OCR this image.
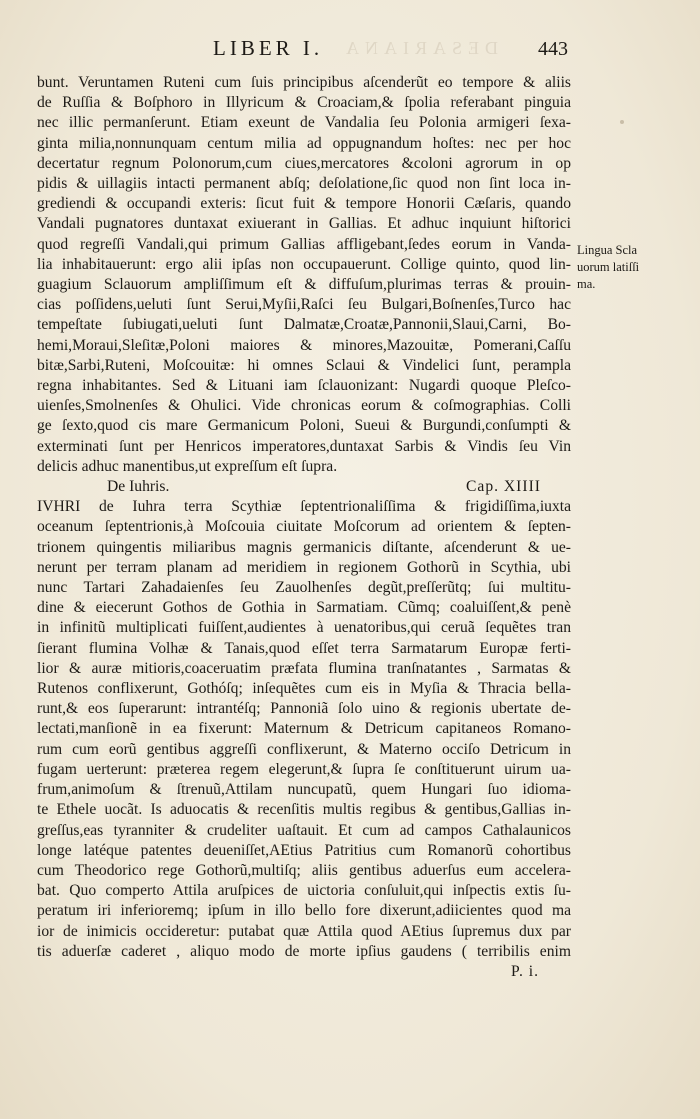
DESARIANA
LIBER I.	443
bunt. Veruntamen Ruteni cum ſuis principibus aſcenderũt eo tempore & aliis
de Ruſſia & Boſphoro in Illyricum & Croaciam,& ſpolia referabant pinguia
nec illic permanſerunt. Etiam exeunt de Vandalia ſeu Polonia armigeri ſexa-
ginta milia,nonnunquam centum milia ad oppugnandum hoſtes: nec per hoc
decertatur regnum Polonorum,cum ciues,mercatores &coloni agrorum in op
pidis & uillagiis intacti permanent abſq; deſolatione,ſic quod non ſint loca in-
grediendi & occupandi exteris: ſicut fuit & tempore Honorii Cæſaris, quando
Vandali pugnatores duntaxat exiuerant in Gallias. Et adhuc inquiunt hiſtorici
quod regreſſi Vandali,qui primum Gallias affligebant,ſedes eorum in Vanda-
lia inhabitauerunt: ergo alii ipſas non occupauerunt. Collige quinto, quod lin-
guagium Sclauorum ampliſſimum eſt & diffuſum,plurimas terras & prouin-
cias poſſidens,ueluti ſunt Serui,Myſii,Raſci ſeu Bulgari,Boſnenſes,Turco hac
tempeſtate ſubiugati,ueluti ſunt Dalmatæ,Croatæ,Pannonii,Slaui,Carni, Bo-
hemi,Moraui,Sleſitæ,Poloni maiores & minores,Mazouitæ, Pomerani,Caſſu
bitæ,Sarbi,Ruteni, Moſcouitæ: hi omnes Sclaui & Vindelici ſunt, perampla
regna inhabitantes. Sed & Lituani iam ſclauonizant: Nugardi quoque Pleſco-
uienſes,Smolnenſes & Ohulici. Vide chronicas eorum & coſmographias. Colli
ge ſexto,quod cis mare Germanicum Poloni, Sueui & Burgundi,conſumpti &
exterminati ſunt per Henricos imperatores,duntaxat Sarbis & Vindis ſeu Vin
delicis adhuc manentibus,ut expreſſum eſt ſupra.
De Iuhris.	Cap. XIIII
IVHRI de Iuhra terra Scythiæ ſeptentrionaliſſima & frigidiſſima,iuxta
oceanum ſeptentrionis,à Moſcouia ciuitate Moſcorum ad orientem & ſepten-
trionem quingentis miliaribus magnis germanicis diſtante, aſcenderunt & ue-
nerunt per terram planam ad meridiem in regionem Gothorũ in Scythia, ubi
nunc Tartari Zahadaienſes ſeu Zauolhenſes degũt,preſſerũtq; ſui multitu-
dine & eiecerunt Gothos de Gothia in Sarmatiam. Cũmq; coaluiſſent,& penè
in infinitũ multiplicati fuiſſent,audientes à uenatoribus,qui ceruã ſequẽtes tran
ſierant flumina Volhæ & Tanais,quod eſſet terra Sarmatarum Europæ ferti-
lior & auræ mitioris,coaceruatim præfata flumina tranſnatantes , Sarmatas &
Rutenos conflixerunt, Gothóſq; inſequẽtes cum eis in Myſia & Thracia bella-
runt,& eos ſuperarunt: intrantéſq; Pannoniã ſolo uino & regionis ubertate de-
lectati,manſionẽ in ea fixerunt: Maternum & Detricum capitaneos Romano-
rum cum eorũ gentibus aggreſſi conflixerunt, & Materno occiſo Detricum in
fugam uerterunt: præterea regem elegerunt,& ſupra ſe conſtituerunt uirum ua-
frum,animoſum & ſtrenuũ,Attilam nuncupatũ, quem Hungari ſuo idioma-
te Ethele uocãt. Is aduocatis & recenſitis multis regibus & gentibus,Gallias in-
greſſus,eas tyranniter & crudeliter uaſtauit. Et cum ad campos Cathalaunicos
longe latéque patentes deueniſſet,AEtius Patritius cum Romanorũ cohortibus
cum Theodorico rege Gothorũ,multiſq; aliis gentibus aduerſus eum accelera-
bat. Quo comperto Attila aruſpices de uictoria conſuluit,qui inſpectis extis ſu-
peratum iri inferioremq; ipſum in illo bello fore dixerunt,adiicientes quod ma
ior de inimicis occideretur: putabat quæ Attila quod AEtius ſupremus dux par
tis aduerſæ caderet , aliquo modo de morte ipſius gaudens ( terribilis enim
P. i.
Lingua Scla
uorum latiſſi
ma.
